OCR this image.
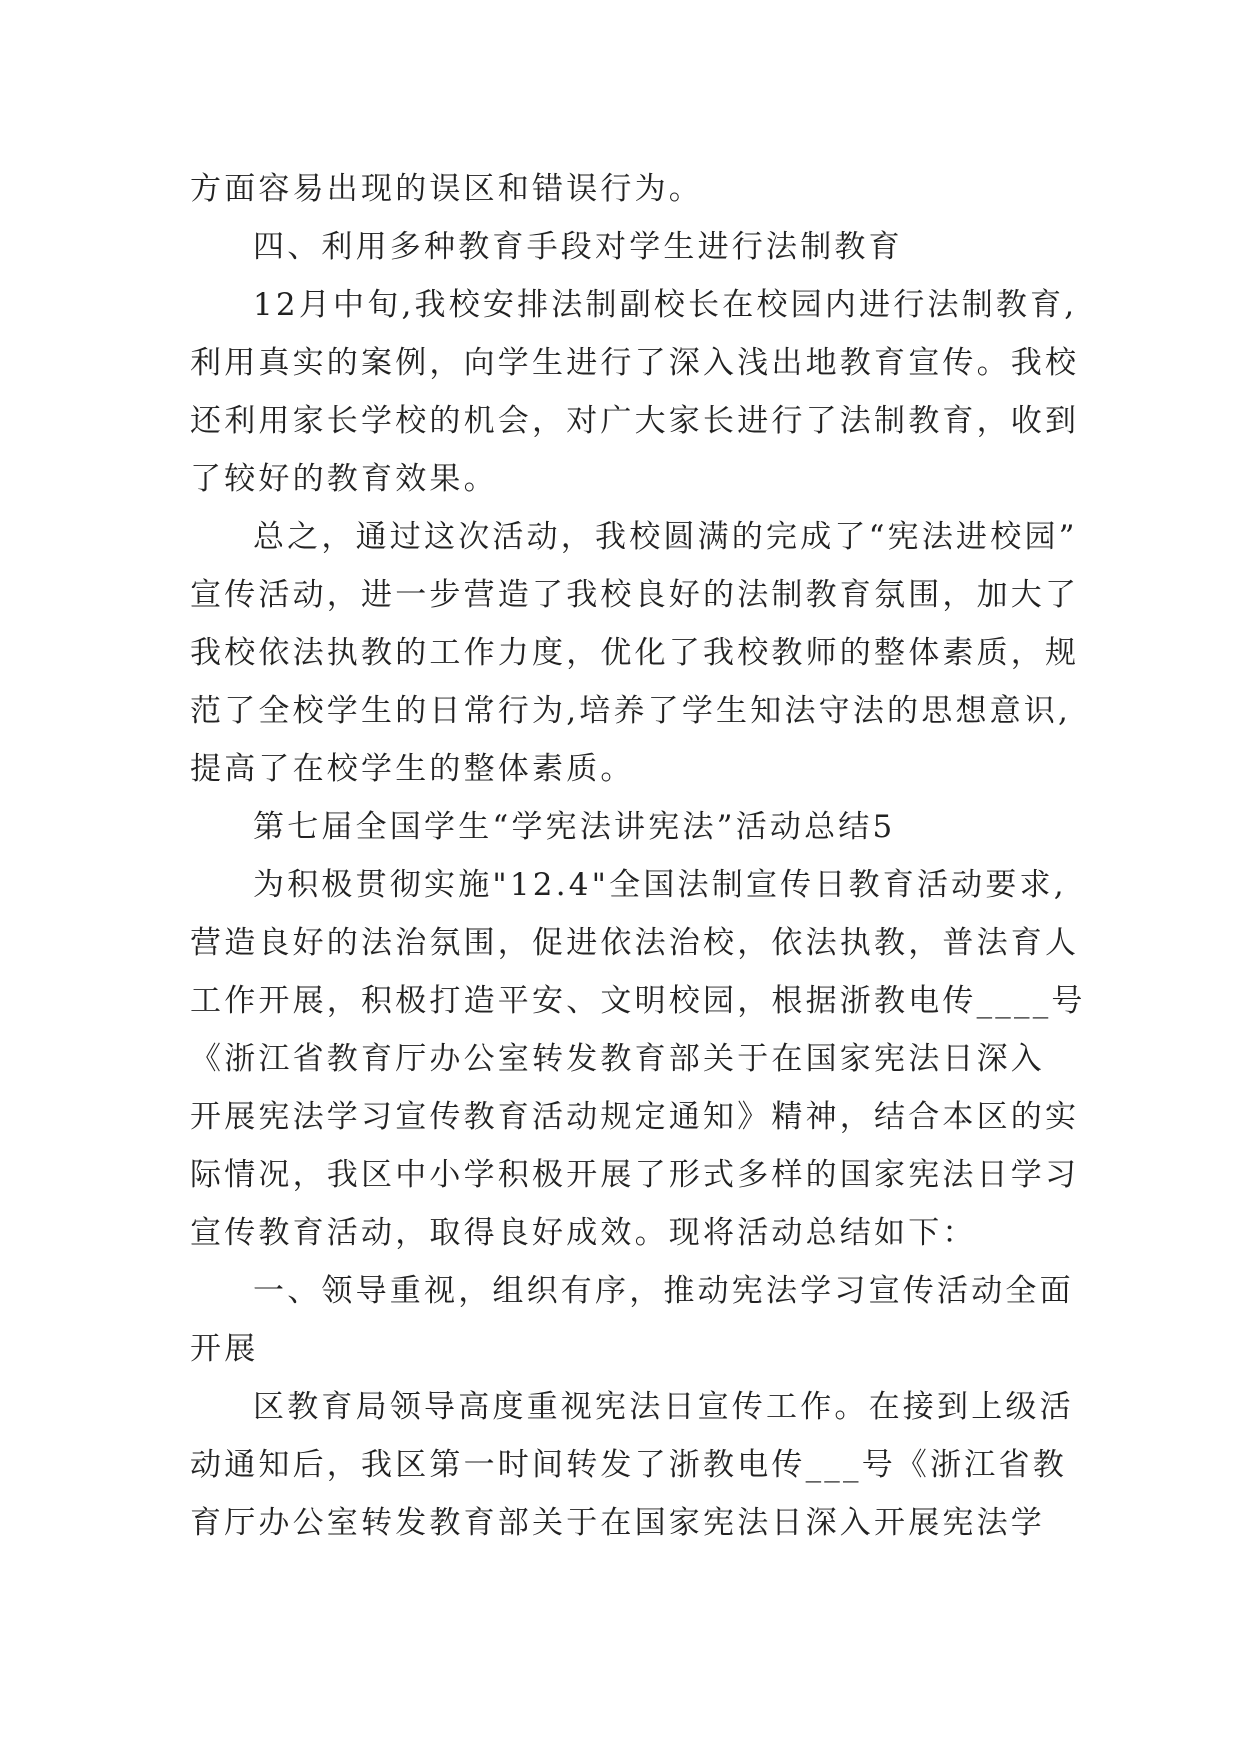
方面容易出现的误区和错误行为。
四、利用多种教育手段对学生进行法制教育
12月中旬,我校安排法制副校长在校园内进行法制教育,
利用真实的案例，向学生进行了深入浅出地教育宣传。我校
还利用家长学校的机会，对广大家长进行了法制教育，收到
了较好的教育效果。
总之，通过这次活动，我校圆满的完成了“宪法进校园”
宣传活动，进一步营造了我校良好的法制教育氛围，加大了
我校依法执教的工作力度，优化了我校教师的整体素质，规
范了全校学生的日常行为,培养了学生知法守法的思想意识,
提高了在校学生的整体素质。
第七届全国学生“学宪法讲宪法”活动总结5
为积极贯彻实施"12.4"全国法制宣传日教育活动要求,
营造良好的法治氛围，促进依法治校，依法执教，普法育人
工作开展，积极打造平安、文明校园，根据浙教电传____号
《浙江省教育厅办公室转发教育部关于在国家宪法日深入
开展宪法学习宣传教育活动规定通知》精神，结合本区的实
际情况，我区中小学积极开展了形式多样的国家宪法日学习
宣传教育活动，取得良好成效。现将活动总结如下：
一、领导重视，组织有序，推动宪法学习宣传活动全面
开展
区教育局领导高度重视宪法日宣传工作。在接到上级活
动通知后，我区第一时间转发了浙教电传___号《浙江省教
育厅办公室转发教育部关于在国家宪法日深入开展宪法学
